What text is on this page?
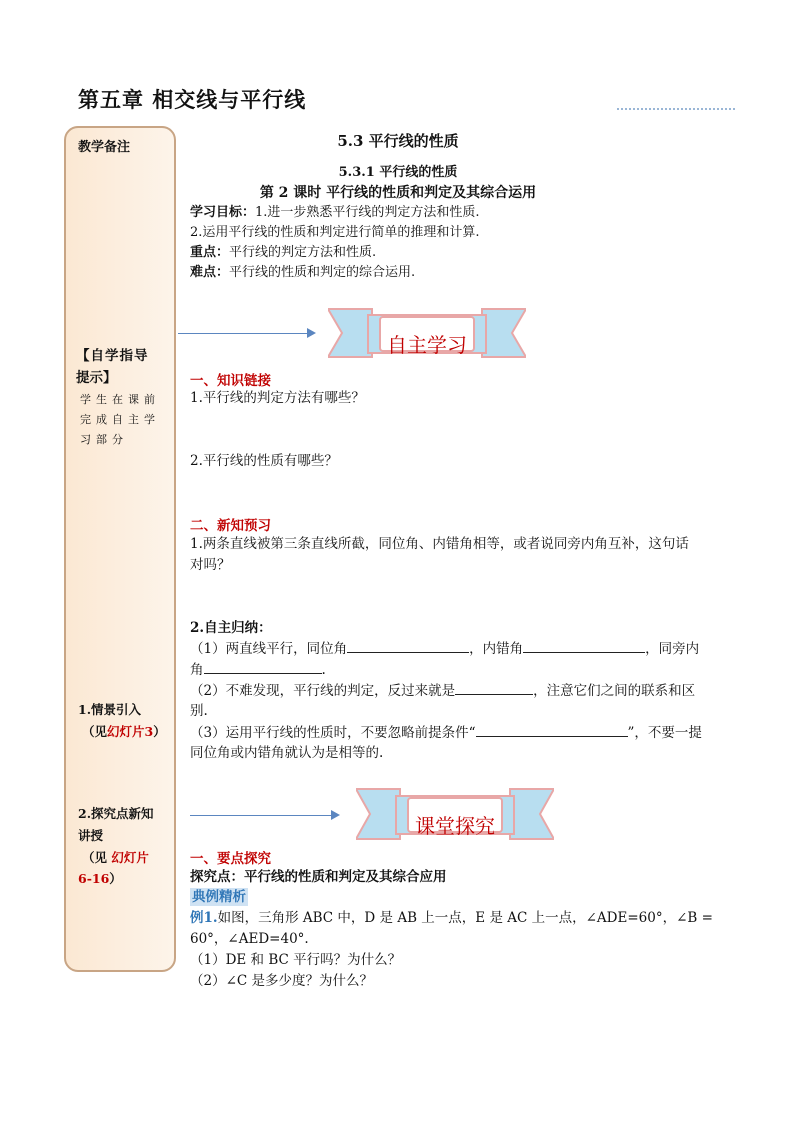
第五章 相交线与平行线
教学备注
【自学指导
提示】
学生在课前
完成自主学
习部分
1.情景引入
（见幻灯片3）
2.探究点新知
讲授
（见 幻灯片
6-16）
5.3 平行线的性质
5.3.1 平行线的性质
第 2 课时 平行线的性质和判定及其综合运用
学习目标：1.进一步熟悉平行线的判定方法和性质.
2.运用平行线的性质和判定进行简单的推理和计算.
重点：平行线的判定方法和性质.
难点：平行线的性质和判定的综合运用.
自主学习
一、知识链接
1.平行线的判定方法有哪些？
2.平行线的性质有哪些？
二、新知预习
1.两条直线被第三条直线所截，同位角、内错角相等，或者说同旁内角互补，这句话
对吗？
2.自主归纳：
（1）两直线平行，同位角	，内错角	，同旁内
角	.
（2）不难发现，平行线的判定，反过来就是	，注意它们之间的联系和区
别.
（3）运用平行线的性质时，不要忽略前提条件“	”，不要一提
同位角或内错角就认为是相等的.
课堂探究
一、要点探究
探究点：平行线的性质和判定及其综合应用
典例精析
例1.如图，三角形 ABC 中，D 是 AB 上一点，E 是 AC 上一点，∠ADE=60°，∠B =
60°，∠AED=40°.
（1）DE 和 BC 平行吗？为什么？
（2）∠C 是多少度？为什么？
